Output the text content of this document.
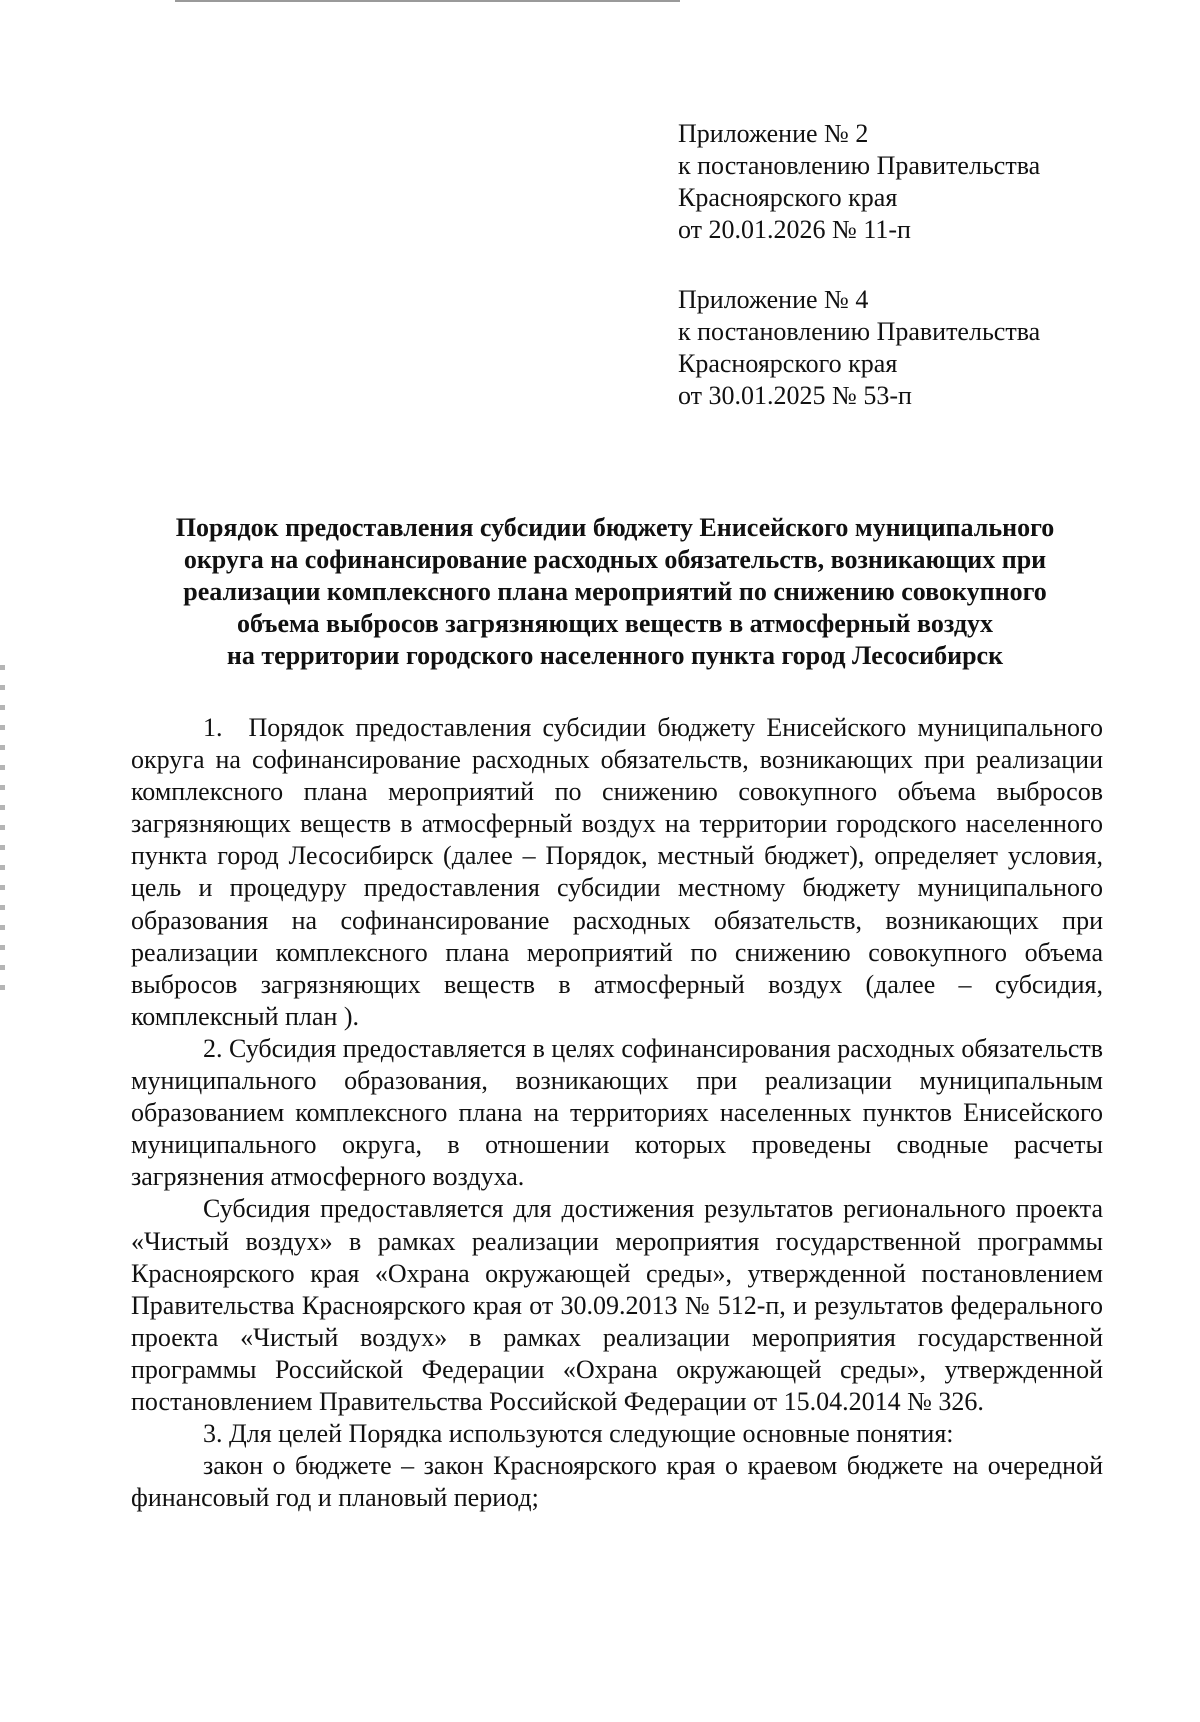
Приложение № 2
к постановлению Правительства
Красноярского края
от 20.01.2026 № 11-п
Приложение № 4
к постановлению Правительства
Красноярского края
от 30.01.2025 № 53-п
Порядок предоставления субсидии бюджету Енисейского муниципального
округа на софинансирование расходных обязательств, возникающих при
реализации комплексного плана мероприятий по снижению совокупного
объема выбросов загрязняющих веществ в атмосферный воздух
на территории городского населенного пункта город Лесосибирск

1. Порядок предоставления субсидии бюджету Енисейского муниципального округа на софинансирование расходных обязательств, возникающих при реализации комплексного плана мероприятий по снижению совокупного объема выбросов загрязняющих веществ в атмосферный воздух на территории городского населенного пункта город Лесосибирск (далее – Порядок, местный бюджет), определяет условия, цель и процедуру предоставления субсидии местному бюджету муниципального образования на софинансирование расходных обязательств, возникающих при реализации комплексного плана мероприятий по снижению совокупного объема выбросов загрязняющих веществ в атмосферный воздух (далее – субсидия, комплексный план ).

2. Субсидия предоставляется в целях софинансирования расходных обязательств муниципального образования, возникающих при реализации муниципальным образованием комплексного плана на территориях населенных пунктов Енисейского муниципального округа, в отношении которых проведены сводные расчеты загрязнения атмосферного воздуха.

Субсидия предоставляется для достижения результатов регионального проекта «Чистый воздух» в рамках реализации мероприятия государственной программы Красноярского края «Охрана окружающей среды», утвержденной постановлением Правительства Красноярского края от 30.09.2013 № 512-п, и результатов федерального проекта «Чистый воздух» в рамках реализации мероприятия государственной программы Российской Федерации «Охрана окружающей среды», утвержденной постановлением Правительства Российской Федерации от 15.04.2014 № 326.

3. Для целей Порядка используются следующие основные понятия:

закон о бюджете – закон Красноярского края о краевом бюджете на очередной финансовый год и плановый период;
